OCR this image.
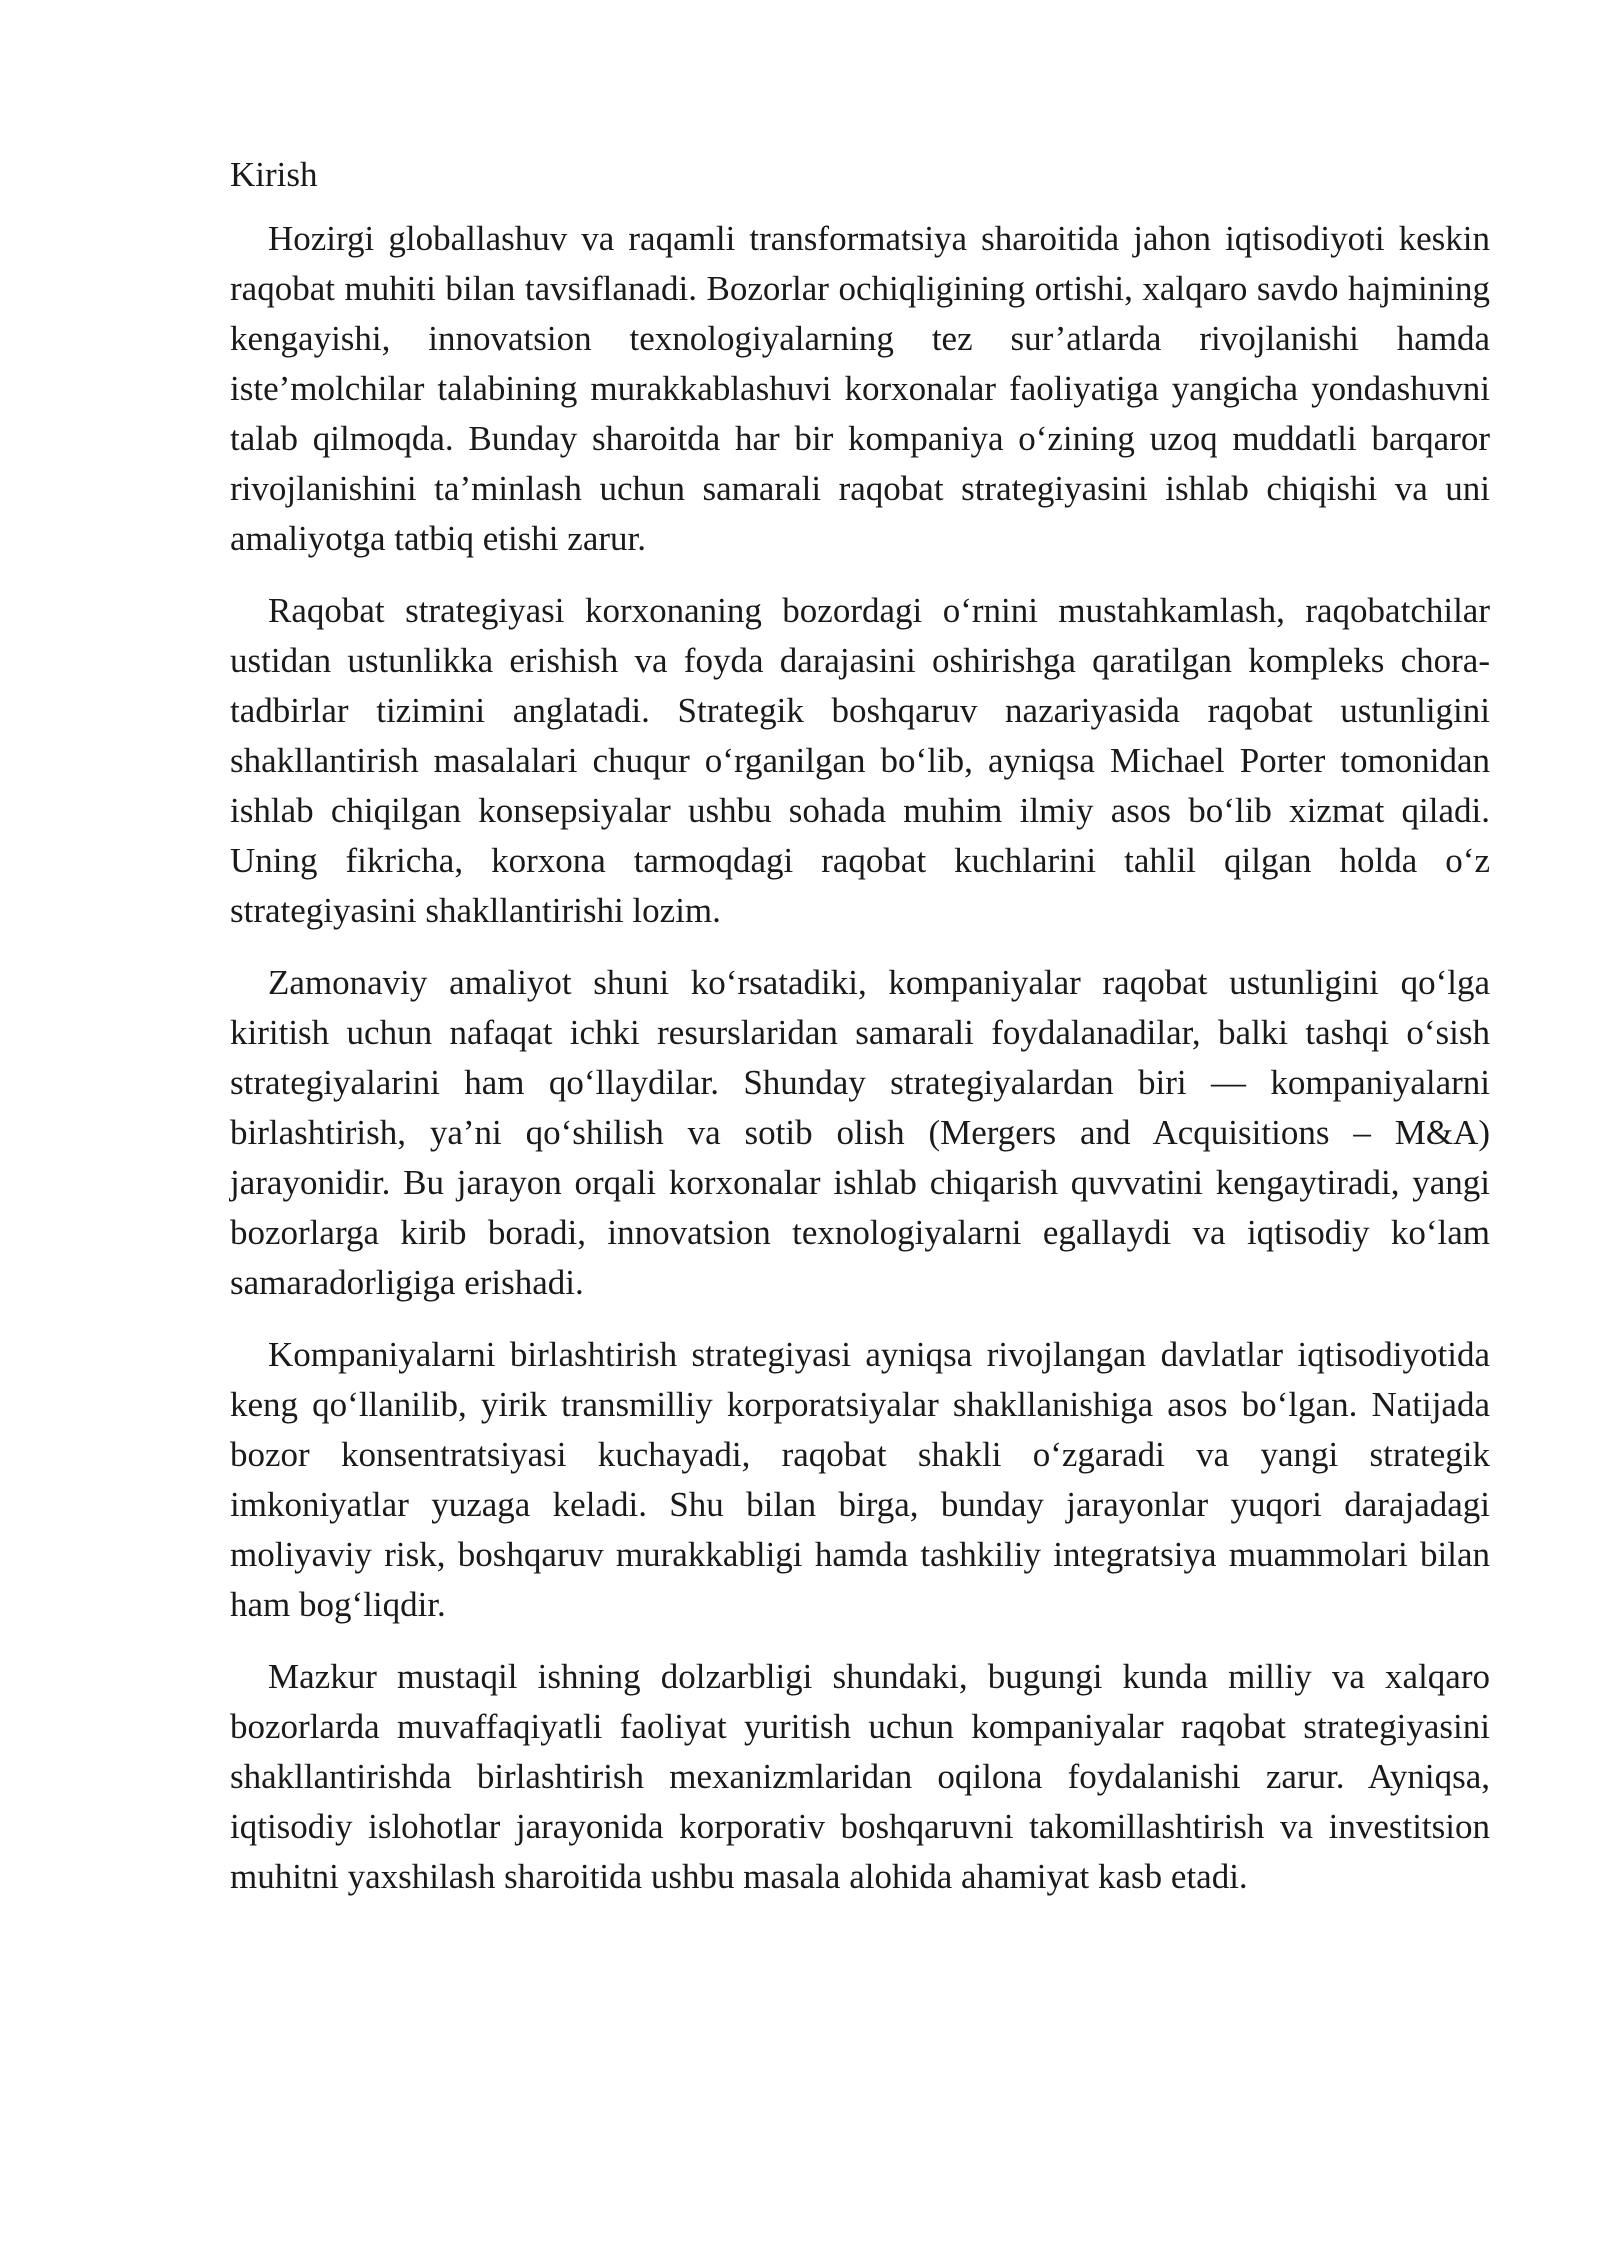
Kirish

Hozirgi globallashuv va raqamli transformatsiya sharoitida jahon iqtisodiyoti keskin raqobat muhiti bilan tavsiflanadi. Bozorlar ochiqligining ortishi, xalqaro savdo hajmining kengayishi, innovatsion texnologiyalarning tez sur’atlarda rivojlanishi hamda iste’molchilar talabining murakkablashuvi korxonalar faoliyatiga yangicha yondashuvni talab qilmoqda. Bunday sharoitda har bir kompaniya o‘zining uzoq muddatli barqaror rivojlanishini ta’minlash uchun samarali raqobat strategiyasini ishlab chiqishi va uni amaliyotga tatbiq etishi zarur.

Raqobat strategiyasi korxonaning bozordagi o‘rnini mustahkamlash, raqobatchilar ustidan ustunlikka erishish va foyda darajasini oshirishga qaratilgan kompleks chora-tadbirlar tizimini anglatadi. Strategik boshqaruv nazariyasida raqobat ustunligini shakllantirish masalalari chuqur o‘rganilgan bo‘lib, ayniqsa Michael Porter tomonidan ishlab chiqilgan konsepsiyalar ushbu sohada muhim ilmiy asos bo‘lib xizmat qiladi. Uning fikricha, korxona tarmoqdagi raqobat kuchlarini tahlil qilgan holda o‘z strategiyasini shakllantirishi lozim.

Zamonaviy amaliyot shuni ko‘rsatadiki, kompaniyalar raqobat ustunligini qo‘lga kiritish uchun nafaqat ichki resurslaridan samarali foydalanadilar, balki tashqi o‘sish strategiyalarini ham qo‘llaydilar. Shunday strategiyalardan biri — kompaniyalarni birlashtirish, ya’ni qo‘shilish va sotib olish (Mergers and Acquisitions – M&A) jarayonidir. Bu jarayon orqali korxonalar ishlab chiqarish quvvatini kengaytiradi, yangi bozorlarga kirib boradi, innovatsion texnologiyalarni egallaydi va iqtisodiy ko‘lam samaradorligiga erishadi.

Kompaniyalarni birlashtirish strategiyasi ayniqsa rivojlangan davlatlar iqtisodiyotida keng qo‘llanilib, yirik transmilliy korporatsiyalar shakllanishiga asos bo‘lgan. Natijada bozor konsentratsiyasi kuchayadi, raqobat shakli o‘zgaradi va yangi strategik imkoniyatlar yuzaga keladi. Shu bilan birga, bunday jarayonlar yuqori darajadagi moliyaviy risk, boshqaruv murakkabligi hamda tashkiliy integratsiya muammolari bilan ham bog‘liqdir.

Mazkur mustaqil ishning dolzarbligi shundaki, bugungi kunda milliy va xalqaro bozorlarda muvaffaqiyatli faoliyat yuritish uchun kompaniyalar raqobat strategiyasini shakllantirishda birlashtirish mexanizmlaridan oqilona foydalanishi zarur. Ayniqsa, iqtisodiy islohotlar jarayonida korporativ boshqaruvni takomillashtirish va investitsion muhitni yaxshilash sharoitida ushbu masala alohida ahamiyat kasb etadi.
